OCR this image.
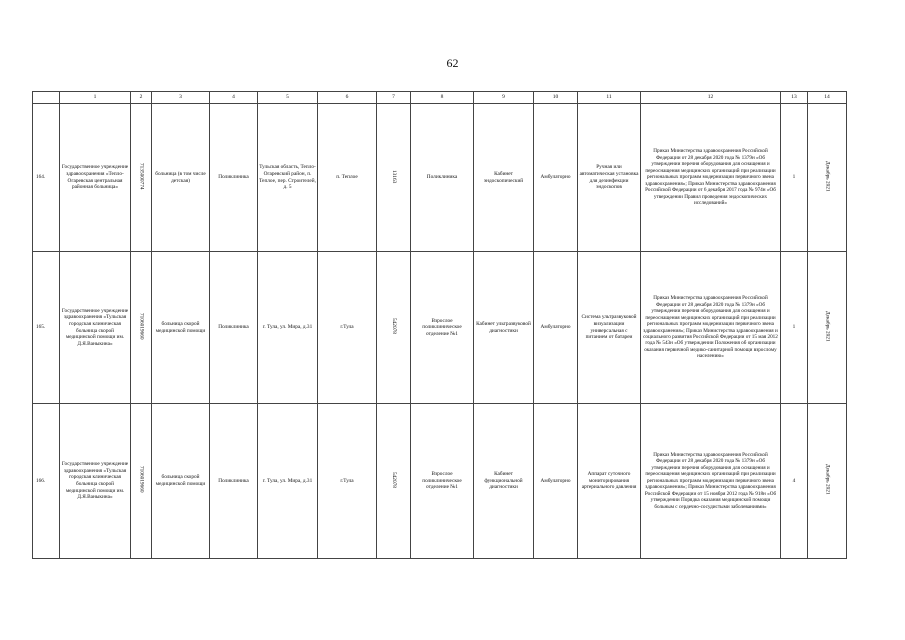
62
	1	2	3	4	5	6	7	8	9	10	11	12	13	14
164.	Государственное учреждение здравоохранения «Тепло-Огаревская центральная районная больница»	7135000774	больница (в том числе детская)	Поликлиника	Тульская область, Тепло-Огаревский район, п. Теплое, пер. Строителей, д. 5	п. Теплое	13163	Поликлиника	Кабинет эндоскопический	Амбулаторно	Ручная или автоматическая установка для дезинфекции эндоскопов	Приказ Министерства здравоохранения Российской Федерации от 28 декабря 2020 года № 1379н «Об утверждении перечня оборудования для оснащения и переоснащения медицинских организаций при реализации региональных программ модернизации первичного звена здравоохранения»; Приказ Министерства здравоохранения Российской Федерации от 6 декабря 2017 года № 974н «Об утверждении Правил проведения эндоскопических исследований»	1	Декабрь 2021
165.	Государственное учреждение здравоохранения «Тульская городская клиническая больница скорой медицинской помощи им. Д.Я.Ваныкина»	7106019660	больница скорой медицинской помощи	Поликлиника	г. Тула, ул. Мира, д.31	г.Тула	542078	Взрослое поликлиническое отделение №1	Кабинет ультразвуковой диагностики	Амбулаторно	Система ультразвуковой визуализации универсальная с питанием от батареи	Приказ Министерства здравоохранения Российской Федерации от 28 декабря 2020 года № 1379н «Об утверждении перечня оборудования для оснащения и переоснащения медицинских организаций при реализации региональных программ модернизации первичного звена здравоохранения»; Приказ Министерства здравоохранения и социального развития Российской Федерации от 15 мая 2012 года № 543н «Об утверждении Положения об организации оказания первичной медико-санитарной помощи взрослому населению»	1	Декабрь 2021
166.	Государственное учреждение здравоохранения «Тульская городская клиническая больница скорой медицинской помощи им. Д.Я.Ваныкина»	7106019660	больница скорой медицинской помощи	Поликлиника	г. Тула, ул. Мира, д.31	г.Тула	542078	Взрослое поликлиническое отделение №1	Кабинет функциональной диагностики	Амбулаторно	Аппарат суточного мониторирования артериального давления	Приказ Министерства здравоохранения Российской Федерации от 28 декабря 2020 года № 1379н «Об утверждении перечня оборудования для оснащения и переоснащения медицинских организаций при реализации региональных программ модернизации первичного звена здравоохранения»; Приказ Министерства здравоохранения Российской Федерации от 15 ноября 2012 года № 918н «Об утверждении Порядка оказания медицинской помощи больным с сердечно-сосудистыми заболеваниями»	4	Декабрь 2021
